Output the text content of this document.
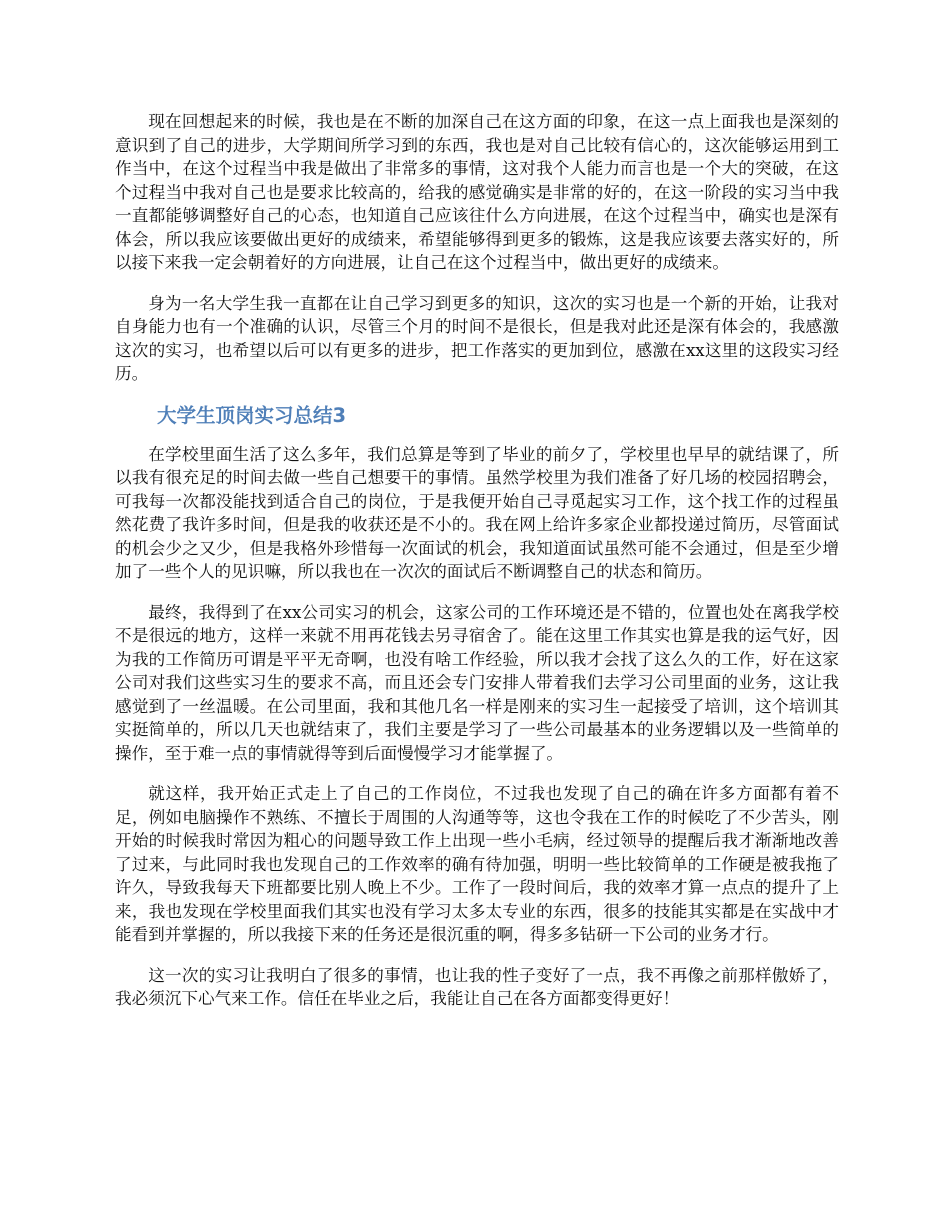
现在回想起来的时候，我也是在不断的加深自己在这方面的印象，在这一点上面我也是深刻的意识到了自己的进步，大学期间所学习到的东西，我也是对自己比较有信心的，这次能够运用到工作当中，在这个过程当中我是做出了非常多的事情，这对我个人能力而言也是一个大的突破，在这个过程当中我对自己也是要求比较高的，给我的感觉确实是非常的好的，在这一阶段的实习当中我一直都能够调整好自己的心态，也知道自己应该往什么方向进展，在这个过程当中，确实也是深有体会，所以我应该要做出更好的成绩来，希望能够得到更多的锻炼，这是我应该要去落实好的，所以接下来我一定会朝着好的方向进展，让自己在这个过程当中，做出更好的成绩来。

身为一名大学生我一直都在让自己学习到更多的知识，这次的实习也是一个新的开始，让我对自身能力也有一个准确的认识，尽管三个月的时间不是很长，但是我对此还是深有体会的，我感激这次的实习，也希望以后可以有更多的进步，把工作落实的更加到位，感激在xx这里的这段实习经历。

大学生顶岗实习总结3

在学校里面生活了这么多年，我们总算是等到了毕业的前夕了，学校里也早早的就结课了，所以我有很充足的时间去做一些自己想要干的事情。虽然学校里为我们准备了好几场的校园招聘会，可我每一次都没能找到适合自己的岗位，于是我便开始自己寻觅起实习工作，这个找工作的过程虽然花费了我许多时间，但是我的收获还是不小的。我在网上给许多家企业都投递过简历，尽管面试的机会少之又少，但是我格外珍惜每一次面试的机会，我知道面试虽然可能不会通过，但是至少增加了一些个人的见识嘛，所以我也在一次次的面试后不断调整自己的状态和简历。

最终，我得到了在xx公司实习的机会，这家公司的工作环境还是不错的，位置也处在离我学校不是很远的地方，这样一来就不用再花钱去另寻宿舍了。能在这里工作其实也算是我的运气好，因为我的工作简历可谓是平平无奇啊，也没有啥工作经验，所以我才会找了这么久的工作，好在这家公司对我们这些实习生的要求不高，而且还会专门安排人带着我们去学习公司里面的业务，这让我感觉到了一丝温暖。在公司里面，我和其他几名一样是刚来的实习生一起接受了培训，这个培训其实挺简单的，所以几天也就结束了，我们主要是学习了一些公司最基本的业务逻辑以及一些简单的操作，至于难一点的事情就得等到后面慢慢学习才能掌握了。

就这样，我开始正式走上了自己的工作岗位，不过我也发现了自己的确在许多方面都有着不足，例如电脑操作不熟练、不擅长于周围的人沟通等等，这也令我在工作的时候吃了不少苦头，刚开始的时候我时常因为粗心的问题导致工作上出现一些小毛病，经过领导的提醒后我才渐渐地改善了过来，与此同时我也发现自己的工作效率的确有待加强，明明一些比较简单的工作硬是被我拖了许久，导致我每天下班都要比别人晚上不少。工作了一段时间后，我的效率才算一点点的提升了上来，我也发现在学校里面我们其实也没有学习太多太专业的东西，很多的技能其实都是在实战中才能看到并掌握的，所以我接下来的任务还是很沉重的啊，得多多钻研一下公司的业务才行。

这一次的实习让我明白了很多的事情，也让我的性子变好了一点，我不再像之前那样傲娇了，我必须沉下心气来工作。信任在毕业之后，我能让自己在各方面都变得更好！
